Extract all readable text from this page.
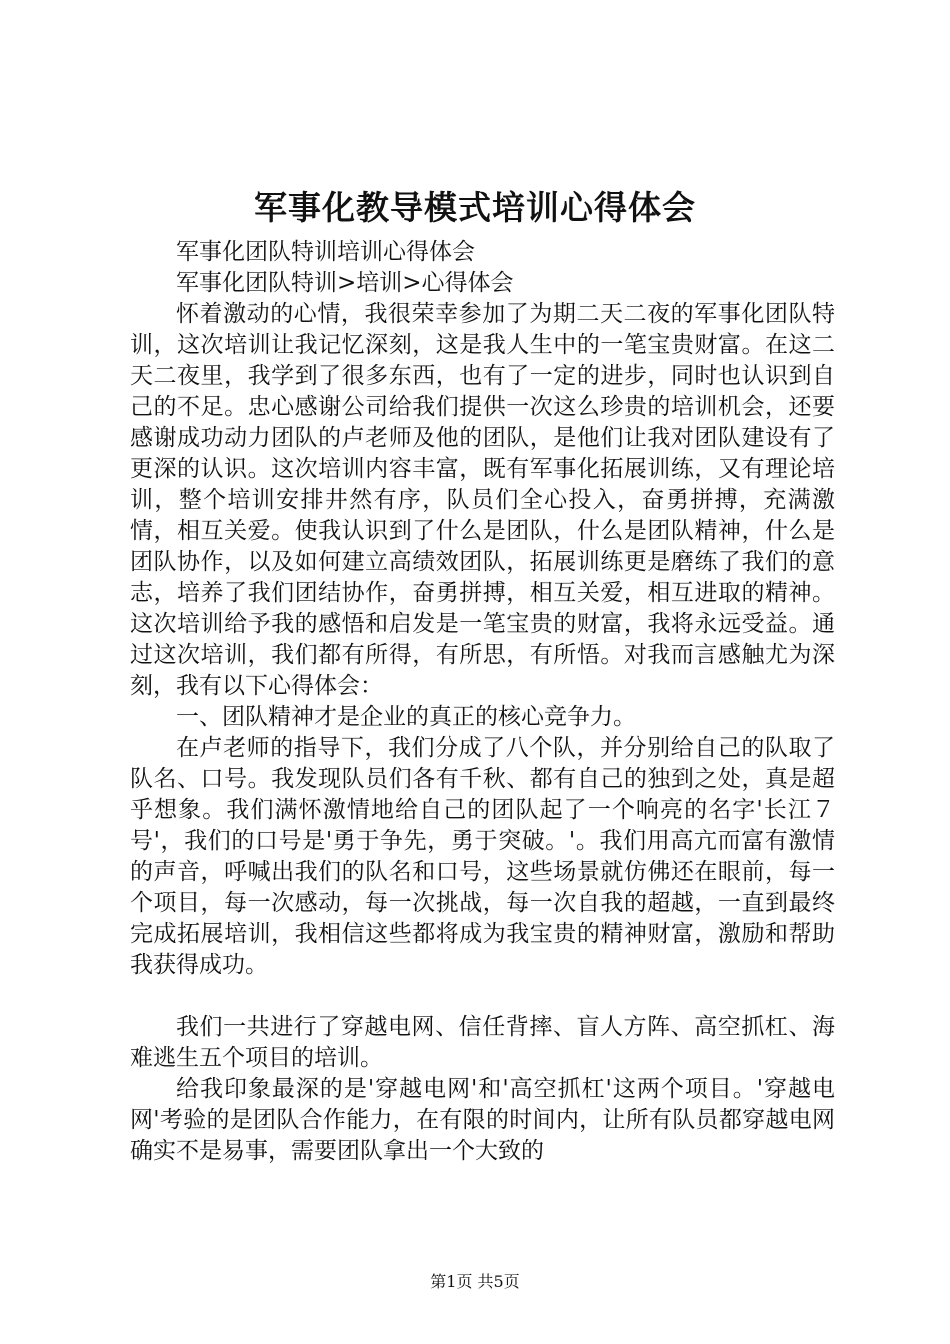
军事化教导模式培训心得体会

军事化团队特训培训心得体会

军事化团队特训>培训>心得体会

怀着激动的心情，我很荣幸参加了为期二天二夜的军事化团队特训，这次培训让我记忆深刻，这是我人生中的一笔宝贵财富。在这二天二夜里，我学到了很多东西，也有了一定的进步，同时也认识到自己的不足。忠心感谢公司给我们提供一次这么珍贵的培训机会，还要感谢成功动力团队的卢老师及他的团队，是他们让我对团队建设有了更深的认识。这次培训内容丰富，既有军事化拓展训练，又有理论培训，整个培训安排井然有序，队员们全心投入，奋勇拼搏，充满激情，相互关爱。使我认识到了什么是团队，什么是团队精神，什么是团队协作，以及如何建立高绩效团队，拓展训练更是磨练了我们的意志，培养了我们团结协作，奋勇拼搏，相互关爱，相互进取的精神。这次培训给予我的感悟和启发是一笔宝贵的财富，我将永远受益。通过这次培训，我们都有所得，有所思，有所悟。对我而言感触尤为深刻，我有以下心得体会：

一、团队精神才是企业的真正的核心竞争力。

在卢老师的指导下，我们分成了八个队，并分别给自己的队取了队名、口号。我发现队员们各有千秋、都有自己的独到之处，真是超乎想象。我们满怀激情地给自己的团队起了一个响亮的名字'长江７号'，我们的口号是'勇于争先，勇于突破。'。我们用高亢而富有激情的声音，呼喊出我们的队名和口号，这些场景就仿佛还在眼前，每一个项目，每一次感动，每一次挑战，每一次自我的超越，一直到最终完成拓展培训，我相信这些都将成为我宝贵的精神财富，激励和帮助我获得成功。

我们一共进行了穿越电网、信任背摔、盲人方阵、高空抓杠、海难逃生五个项目的培训。

给我印象最深的是'穿越电网'和'高空抓杠'这两个项目。'穿越电网'考验的是团队合作能力，在有限的时间内，让所有队员都穿越电网确实不是易事，需要团队拿出一个大致的

第1页 共5页
